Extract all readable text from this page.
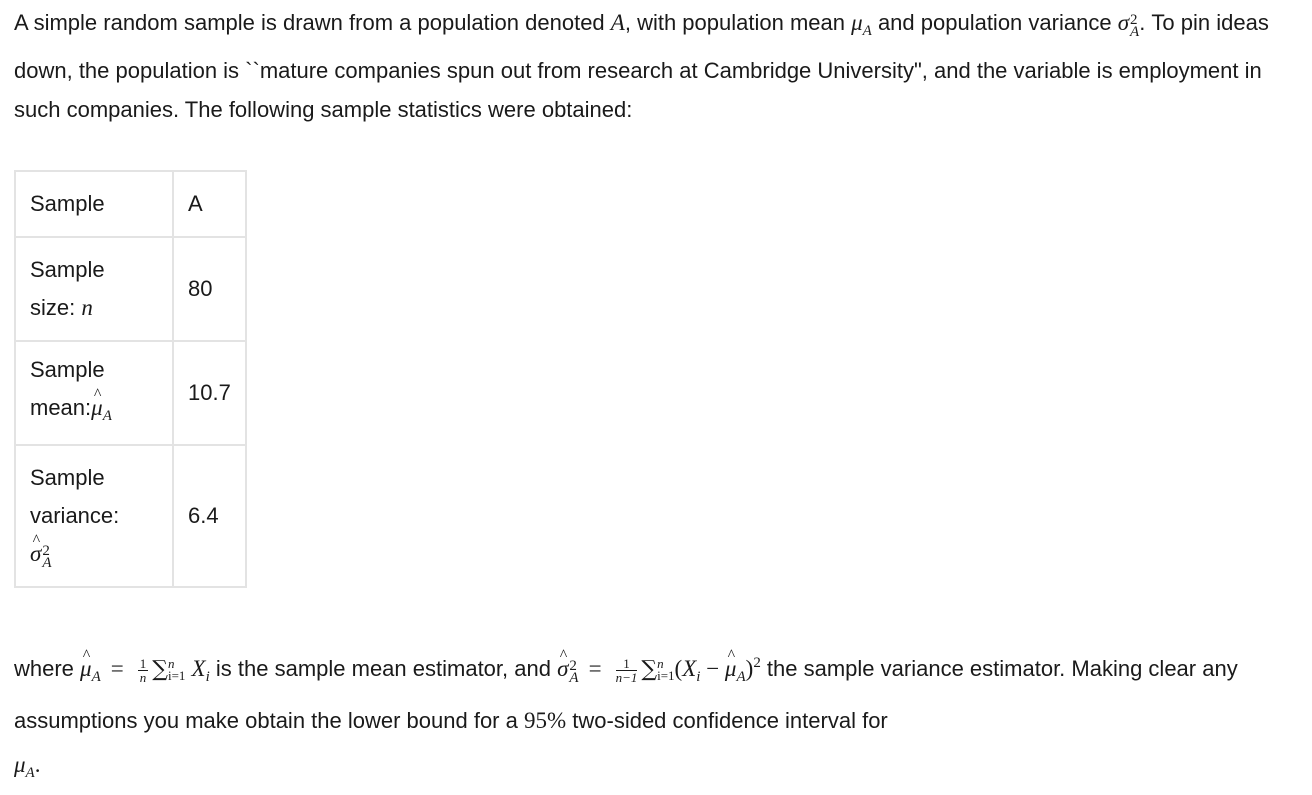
A simple random sample is drawn from a population denoted A, with population mean $\mu_A$ and population variance σ 2
A . To pin ideas down, the population is ``mature companies spun out from research at Cambridge University", and the variable is employment in such companies. The following sample statistics were obtained:

Sample	A
Sample
size: n	80
Sample
mean:^ $\mu_A$	10.7
Sample
variance:
^ σ 2
A	6.4

where ^ $\mu_A = \frac{1}{n}$ ∑ n
i=1 $X_i$ is the sample mean estimator, and ^ σ 2
$A = \frac{1}{n-1}$ ∑ n
i=1 ($X_i$ − ^ $\mu_A)^2$ the sample variance estimator. Making clear any assumptions you make obtain the lower bound for a 95% two-sided confidence interval for
$\mu_A$.
